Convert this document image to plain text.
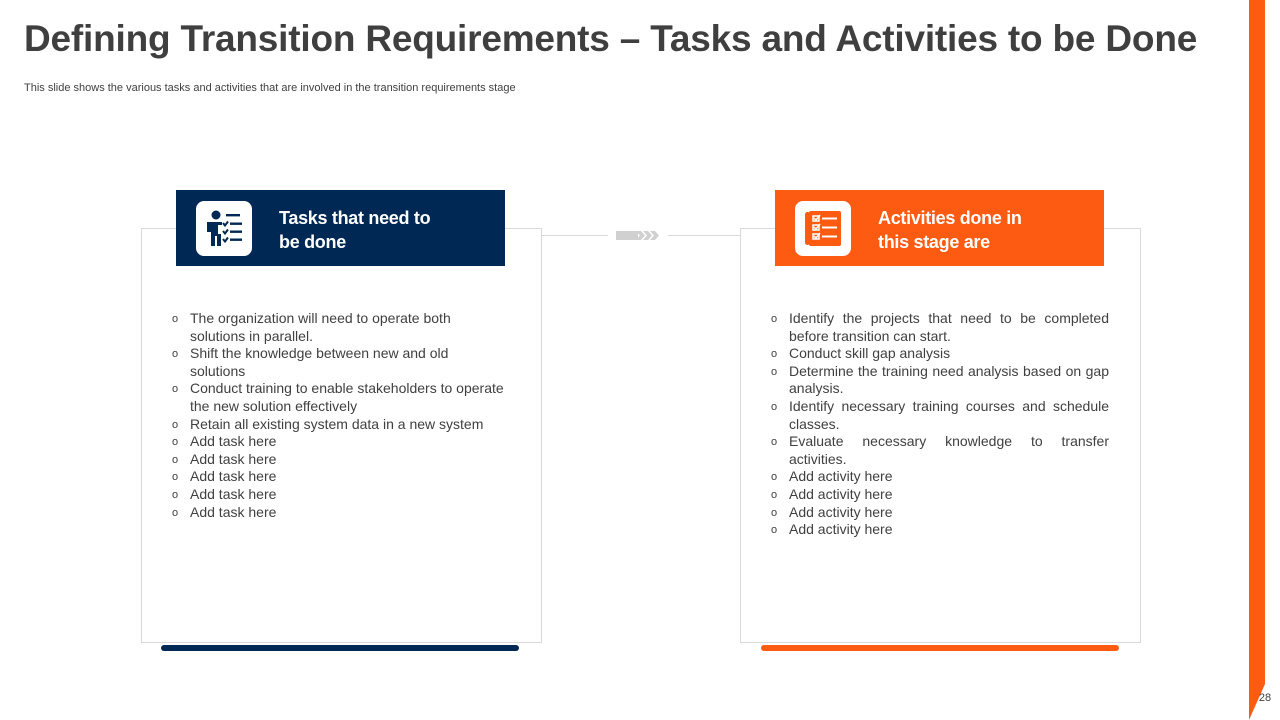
Defining Transition Requirements – Tasks and Activities to be Done
This slide shows the various tasks and activities that are involved in the transition requirements stage
28
Tasks that need to
be done
o The organization will need to operate both solutions in parallel.
o Shift the knowledge between new and old solutions
o Conduct training to enable stakeholders to operate the new solution effectively
o Retain all existing system data in a new system
o Add task here
o Add task here
o Add task here
o Add task here
o Add task here
Activities done in
this stage are
o Identify the projects that need to be completed before transition can start.
o Conduct skill gap analysis
o Determine the training need analysis based on gap analysis.
o Identify necessary training courses and schedule classes.
o Evaluate necessary knowledge to transfer activities.
o Add activity here
o Add activity here
o Add activity here
o Add activity here
